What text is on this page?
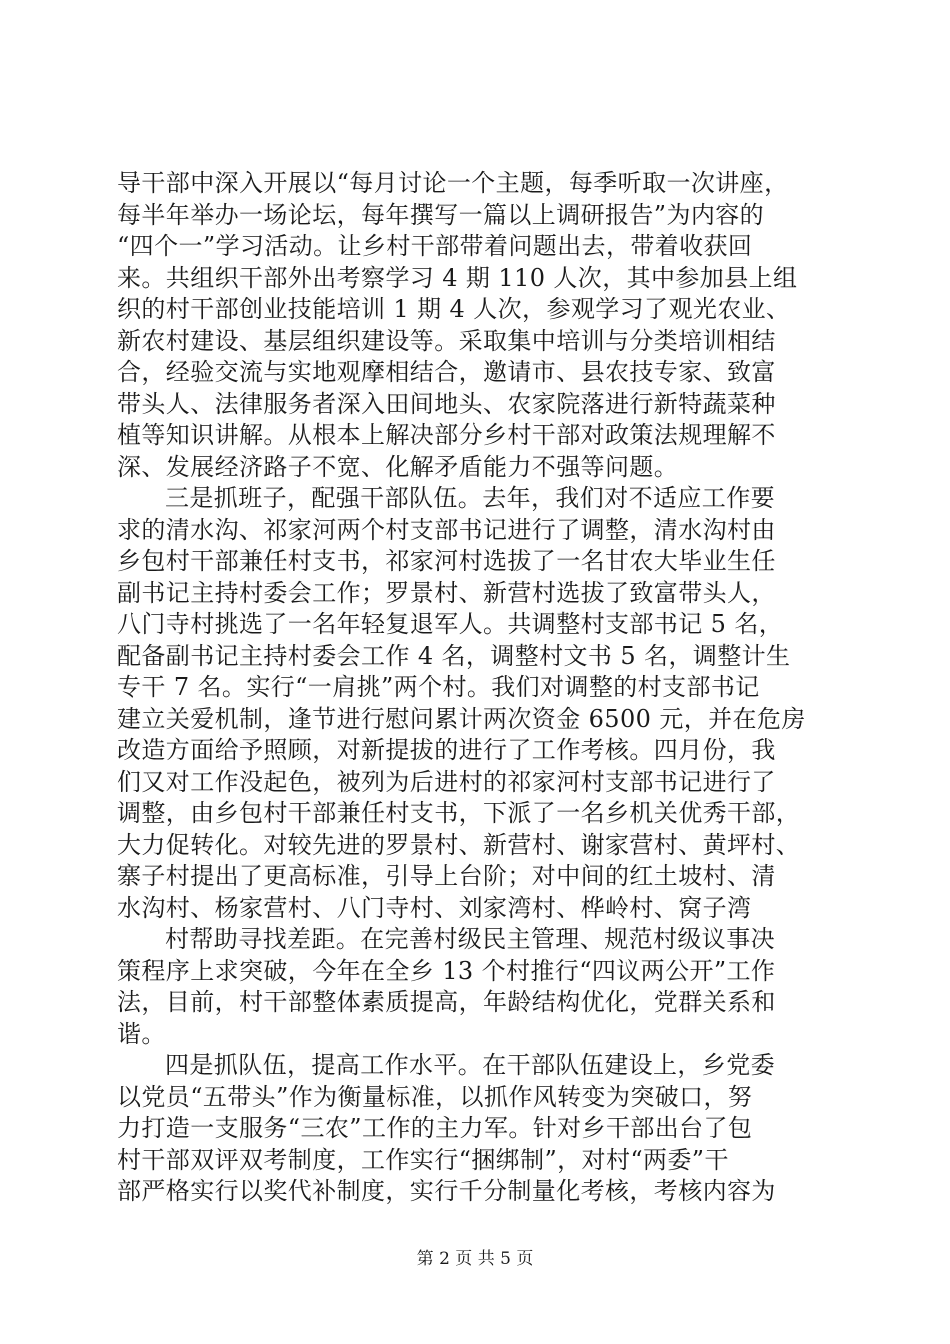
导干部中深入开展以“每月讨论一个主题，每季听取一次讲座，
每半年举办一场论坛，每年撰写一篇以上调研报告”为内容的
“四个一”学习活动。让乡村干部带着问题出去，带着收获回
来。共组织干部外出考察学习 4 期 110 人次，其中参加县上组
织的村干部创业技能培训 1 期 4 人次，参观学习了观光农业、
新农村建设、基层组织建设等。采取集中培训与分类培训相结
合，经验交流与实地观摩相结合，邀请市、县农技专家、致富
带头人、法律服务者深入田间地头、农家院落进行新特蔬菜种
植等知识讲解。从根本上解决部分乡村干部对政策法规理解不
深、发展经济路子不宽、化解矛盾能力不强等问题。
三是抓班子，配强干部队伍。去年，我们对不适应工作要
求的清水沟、祁家河两个村支部书记进行了调整，清水沟村由
乡包村干部兼任村支书，祁家河村选拔了一名甘农大毕业生任
副书记主持村委会工作；罗景村、新营村选拔了致富带头人，
八门寺村挑选了一名年轻复退军人。共调整村支部书记 5 名，
配备副书记主持村委会工作 4 名，调整村文书 5 名，调整计生
专干 7 名。实行“一肩挑”两个村。我们对调整的村支部书记
建立关爱机制，逢节进行慰问累计两次资金 6500 元，并在危房
改造方面给予照顾，对新提拔的进行了工作考核。四月份，我
们又对工作没起色，被列为后进村的祁家河村支部书记进行了
调整，由乡包村干部兼任村支书，下派了一名乡机关优秀干部，
大力促转化。对较先进的罗景村、新营村、谢家营村、黄坪村、
寨子村提出了更高标准，引导上台阶；对中间的红土坡村、清
水沟村、杨家营村、八门寺村、刘家湾村、桦岭村、窝子湾
村帮助寻找差距。在完善村级民主管理、规范村级议事决
策程序上求突破，今年在全乡 13 个村推行“四议两公开”工作
法，目前，村干部整体素质提高，年龄结构优化，党群关系和
谐。
四是抓队伍，提高工作水平。在干部队伍建设上，乡党委
以党员“五带头”作为衡量标准，以抓作风转变为突破口，努
力打造一支服务“三农”工作的主力军。针对乡干部出台了包
村干部双评双考制度，工作实行“捆绑制”，对村“两委”干
部严格实行以奖代补制度，实行千分制量化考核，考核内容为
第 2 页 共 5 页
